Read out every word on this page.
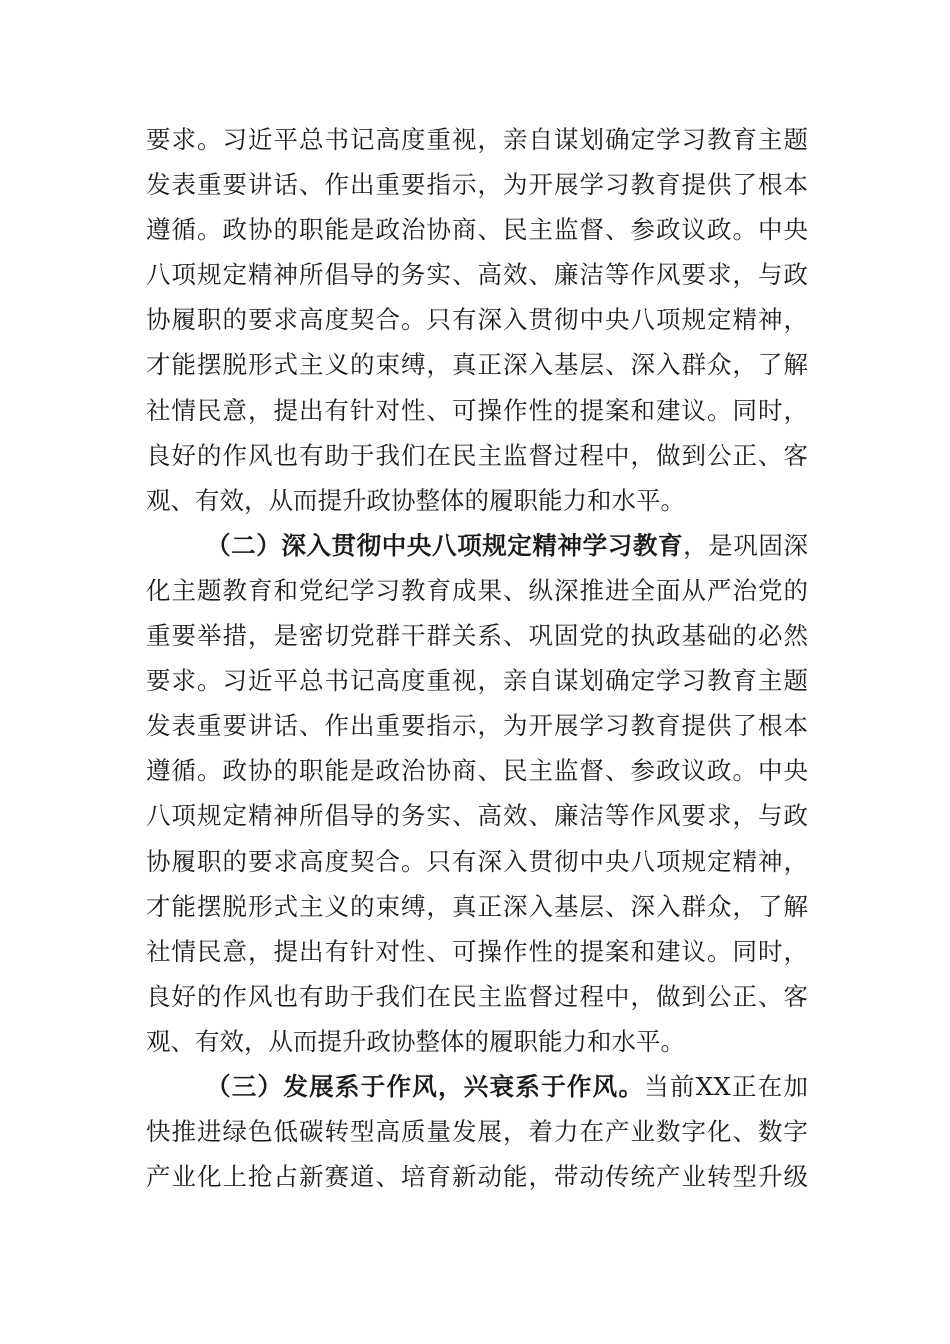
要求。习近平总书记高度重视，亲自谋划确定学习教育主题
发表重要讲话、作出重要指示，为开展学习教育提供了根本
遵循。政协的职能是政治协商、民主监督、参政议政。中央
八项规定精神所倡导的务实、高效、廉洁等作风要求，与政
协履职的要求高度契合。只有深入贯彻中央八项规定精神，
才能摆脱形式主义的束缚，真正深入基层、深入群众，了解
社情民意，提出有针对性、可操作性的提案和建议。同时，
良好的作风也有助于我们在民主监督过程中，做到公正、客
观、有效，从而提升政协整体的履职能力和水平。
（二）深入贯彻中央八项规定精神学习教育，是巩固深
化主题教育和党纪学习教育成果、纵深推进全面从严治党的
重要举措，是密切党群干群关系、巩固党的执政基础的必然
要求。习近平总书记高度重视，亲自谋划确定学习教育主题
发表重要讲话、作出重要指示，为开展学习教育提供了根本
遵循。政协的职能是政治协商、民主监督、参政议政。中央
八项规定精神所倡导的务实、高效、廉洁等作风要求，与政
协履职的要求高度契合。只有深入贯彻中央八项规定精神，
才能摆脱形式主义的束缚，真正深入基层、深入群众，了解
社情民意，提出有针对性、可操作性的提案和建议。同时，
良好的作风也有助于我们在民主监督过程中，做到公正、客
观、有效，从而提升政协整体的履职能力和水平。
（三）发展系于作风，兴衰系于作风。当前XX正在加
快推进绿色低碳转型高质量发展，着力在产业数字化、数字
产业化上抢占新赛道、培育新动能，带动传统产业转型升级
